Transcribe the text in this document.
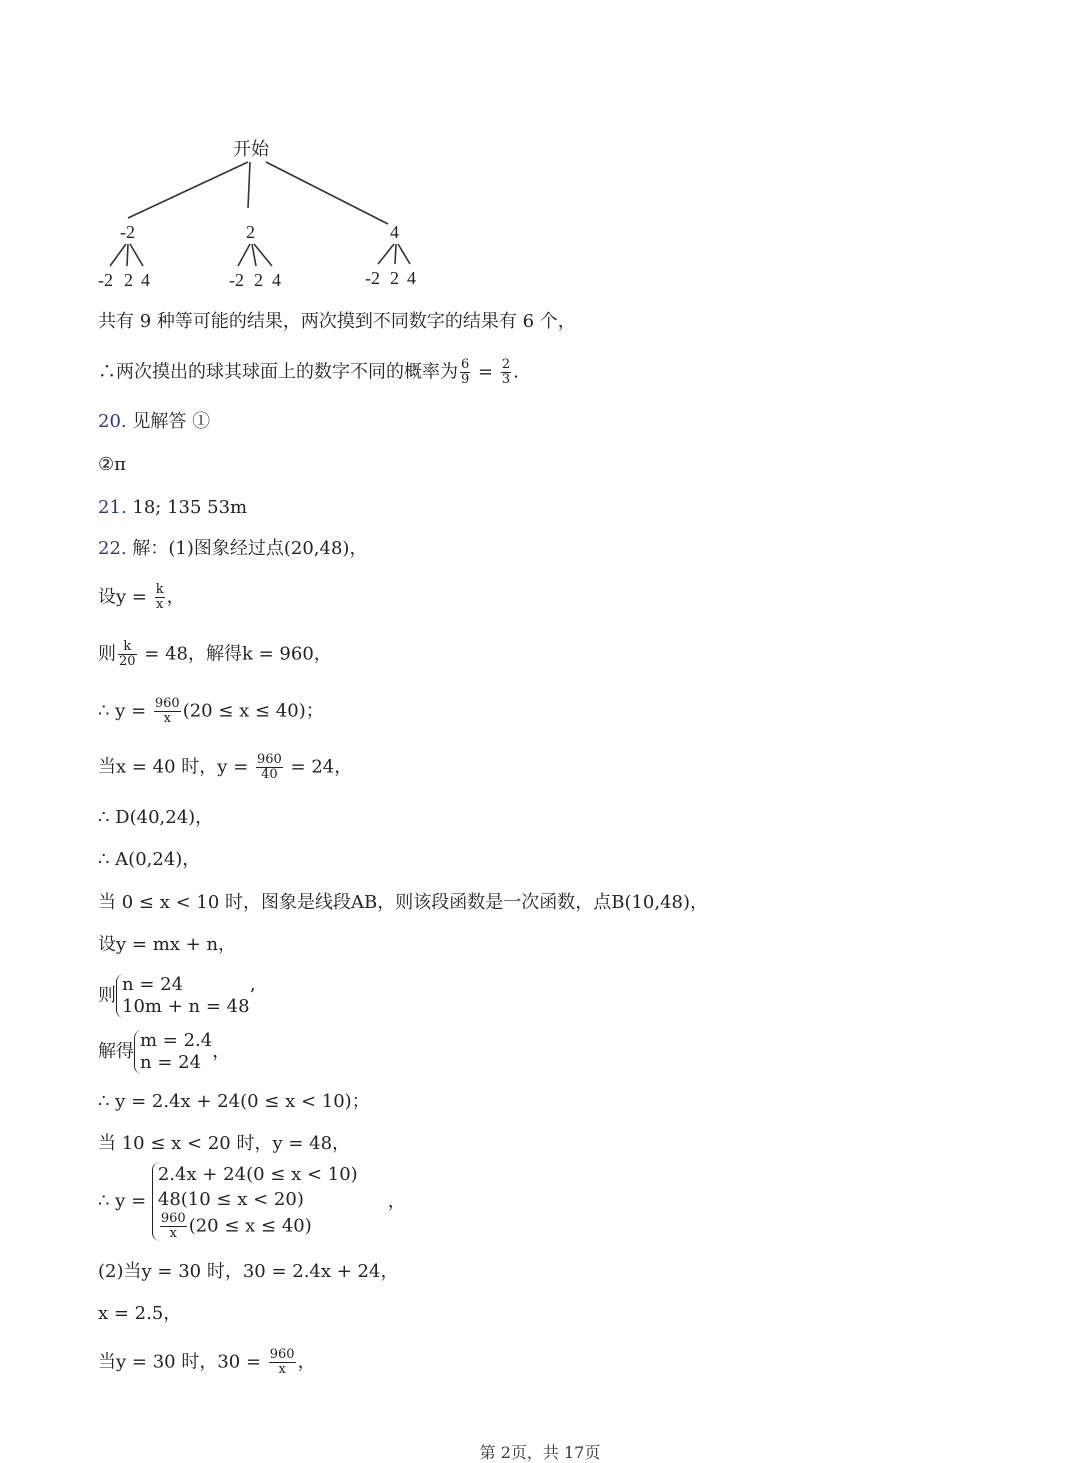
开始
-2	2	4
-2 2 4	-2 2 4	-2 2 4
共有 9 种等可能的结果，两次摸到不同数字的结果有 6 个，
∴两次摸出的球其球面上的数字不同的概率为 $\frac{6}{9} = \frac{2}{3}$ .
20. 见解答 ①
②π
21. 18; 135 53m
22. 解：(1)图象经过点(20,48)，
设$y = \frac{k}{x}$ ，
则 $\frac{k}{20} = 48$，解得k = 960，
∴ $y = \frac{960}{x} (20 \le x \le 40)$；
当x = 40 时，$y = \frac{960}{40} = 24$，
∴ D(40,24)，
∴ A(0,24)，
当 0 ≤ x < 10 时，图象是线段AB，则该段函数是一次函数，点B(10,48)，
设y = mx + n，
则
n = 24
10m + n = 48
’
解得
m = 2.4
n = 24
，
∴ y = 2.4x + 24(0 ≤ x < 10)；
当 10 ≤ x < 20 时，y = 48，
∴ y =
2.4x + 24(0 ≤ x < 10)
48(10 ≤ x < 20)
$\frac{960}{x} (20 \le x \le 40)$
，
(2)当y = 30 时，30 = 2.4x + 24，
x = 2.5，
当y = 30 时，$30 = \frac{960}{x}$ ，
第 2页，共 17页
